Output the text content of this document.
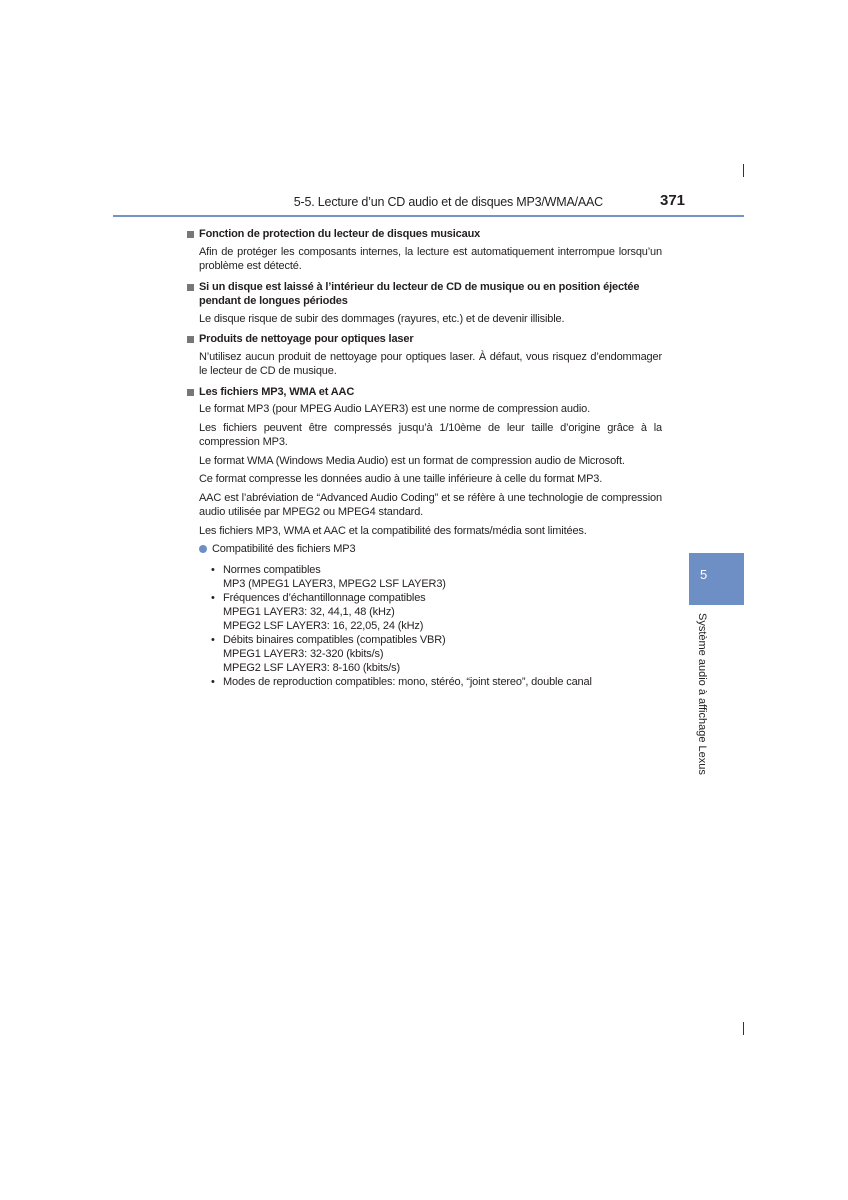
5-5. Lecture d’un CD audio et de disques MP3/WMA/AAC	371
5
Système audio à affichage Lexus
Fonction de protection du lecteur de disques musicaux
Afin de protéger les composants internes, la lecture est automatiquement interrompue lorsqu’un problème est détecté.
Si un disque est laissé à l’intérieur du lecteur de CD de musique ou en position éjectée pendant de longues périodes
Le disque risque de subir des dommages (rayures, etc.) et de devenir illisible.
Produits de nettoyage pour optiques laser
N’utilisez aucun produit de nettoyage pour optiques laser. À défaut, vous risquez d’endommager le lecteur de CD de musique.
Les fichiers MP3, WMA et AAC
Le format MP3 (pour MPEG Audio LAYER3) est une norme de compression audio.
Les fichiers peuvent être compressés jusqu’à 1/10ème de leur taille d’origine grâce à la compression MP3.
Le format WMA (Windows Media Audio) est un format de compression audio de Microsoft.
Ce format compresse les données audio à une taille inférieure à celle du format MP3.
AAC est l’abréviation de “Advanced Audio Coding” et se réfère à une technologie de compression audio utilisée par MPEG2 ou MPEG4 standard.
Les fichiers MP3, WMA et AAC et la compatibilité des formats/média sont limitées.
Compatibilité des fichiers MP3
• Normes compatibles
MP3 (MPEG1 LAYER3, MPEG2 LSF LAYER3)
• Fréquences d’échantillonnage compatibles
MPEG1 LAYER3: 32, 44,1, 48 (kHz)
MPEG2 LSF LAYER3: 16, 22,05, 24 (kHz)
• Débits binaires compatibles (compatibles VBR)
MPEG1 LAYER3: 32-320 (kbits/s)
MPEG2 LSF LAYER3: 8-160 (kbits/s)
• Modes de reproduction compatibles: mono, stéréo, “joint stereo”, double canal
